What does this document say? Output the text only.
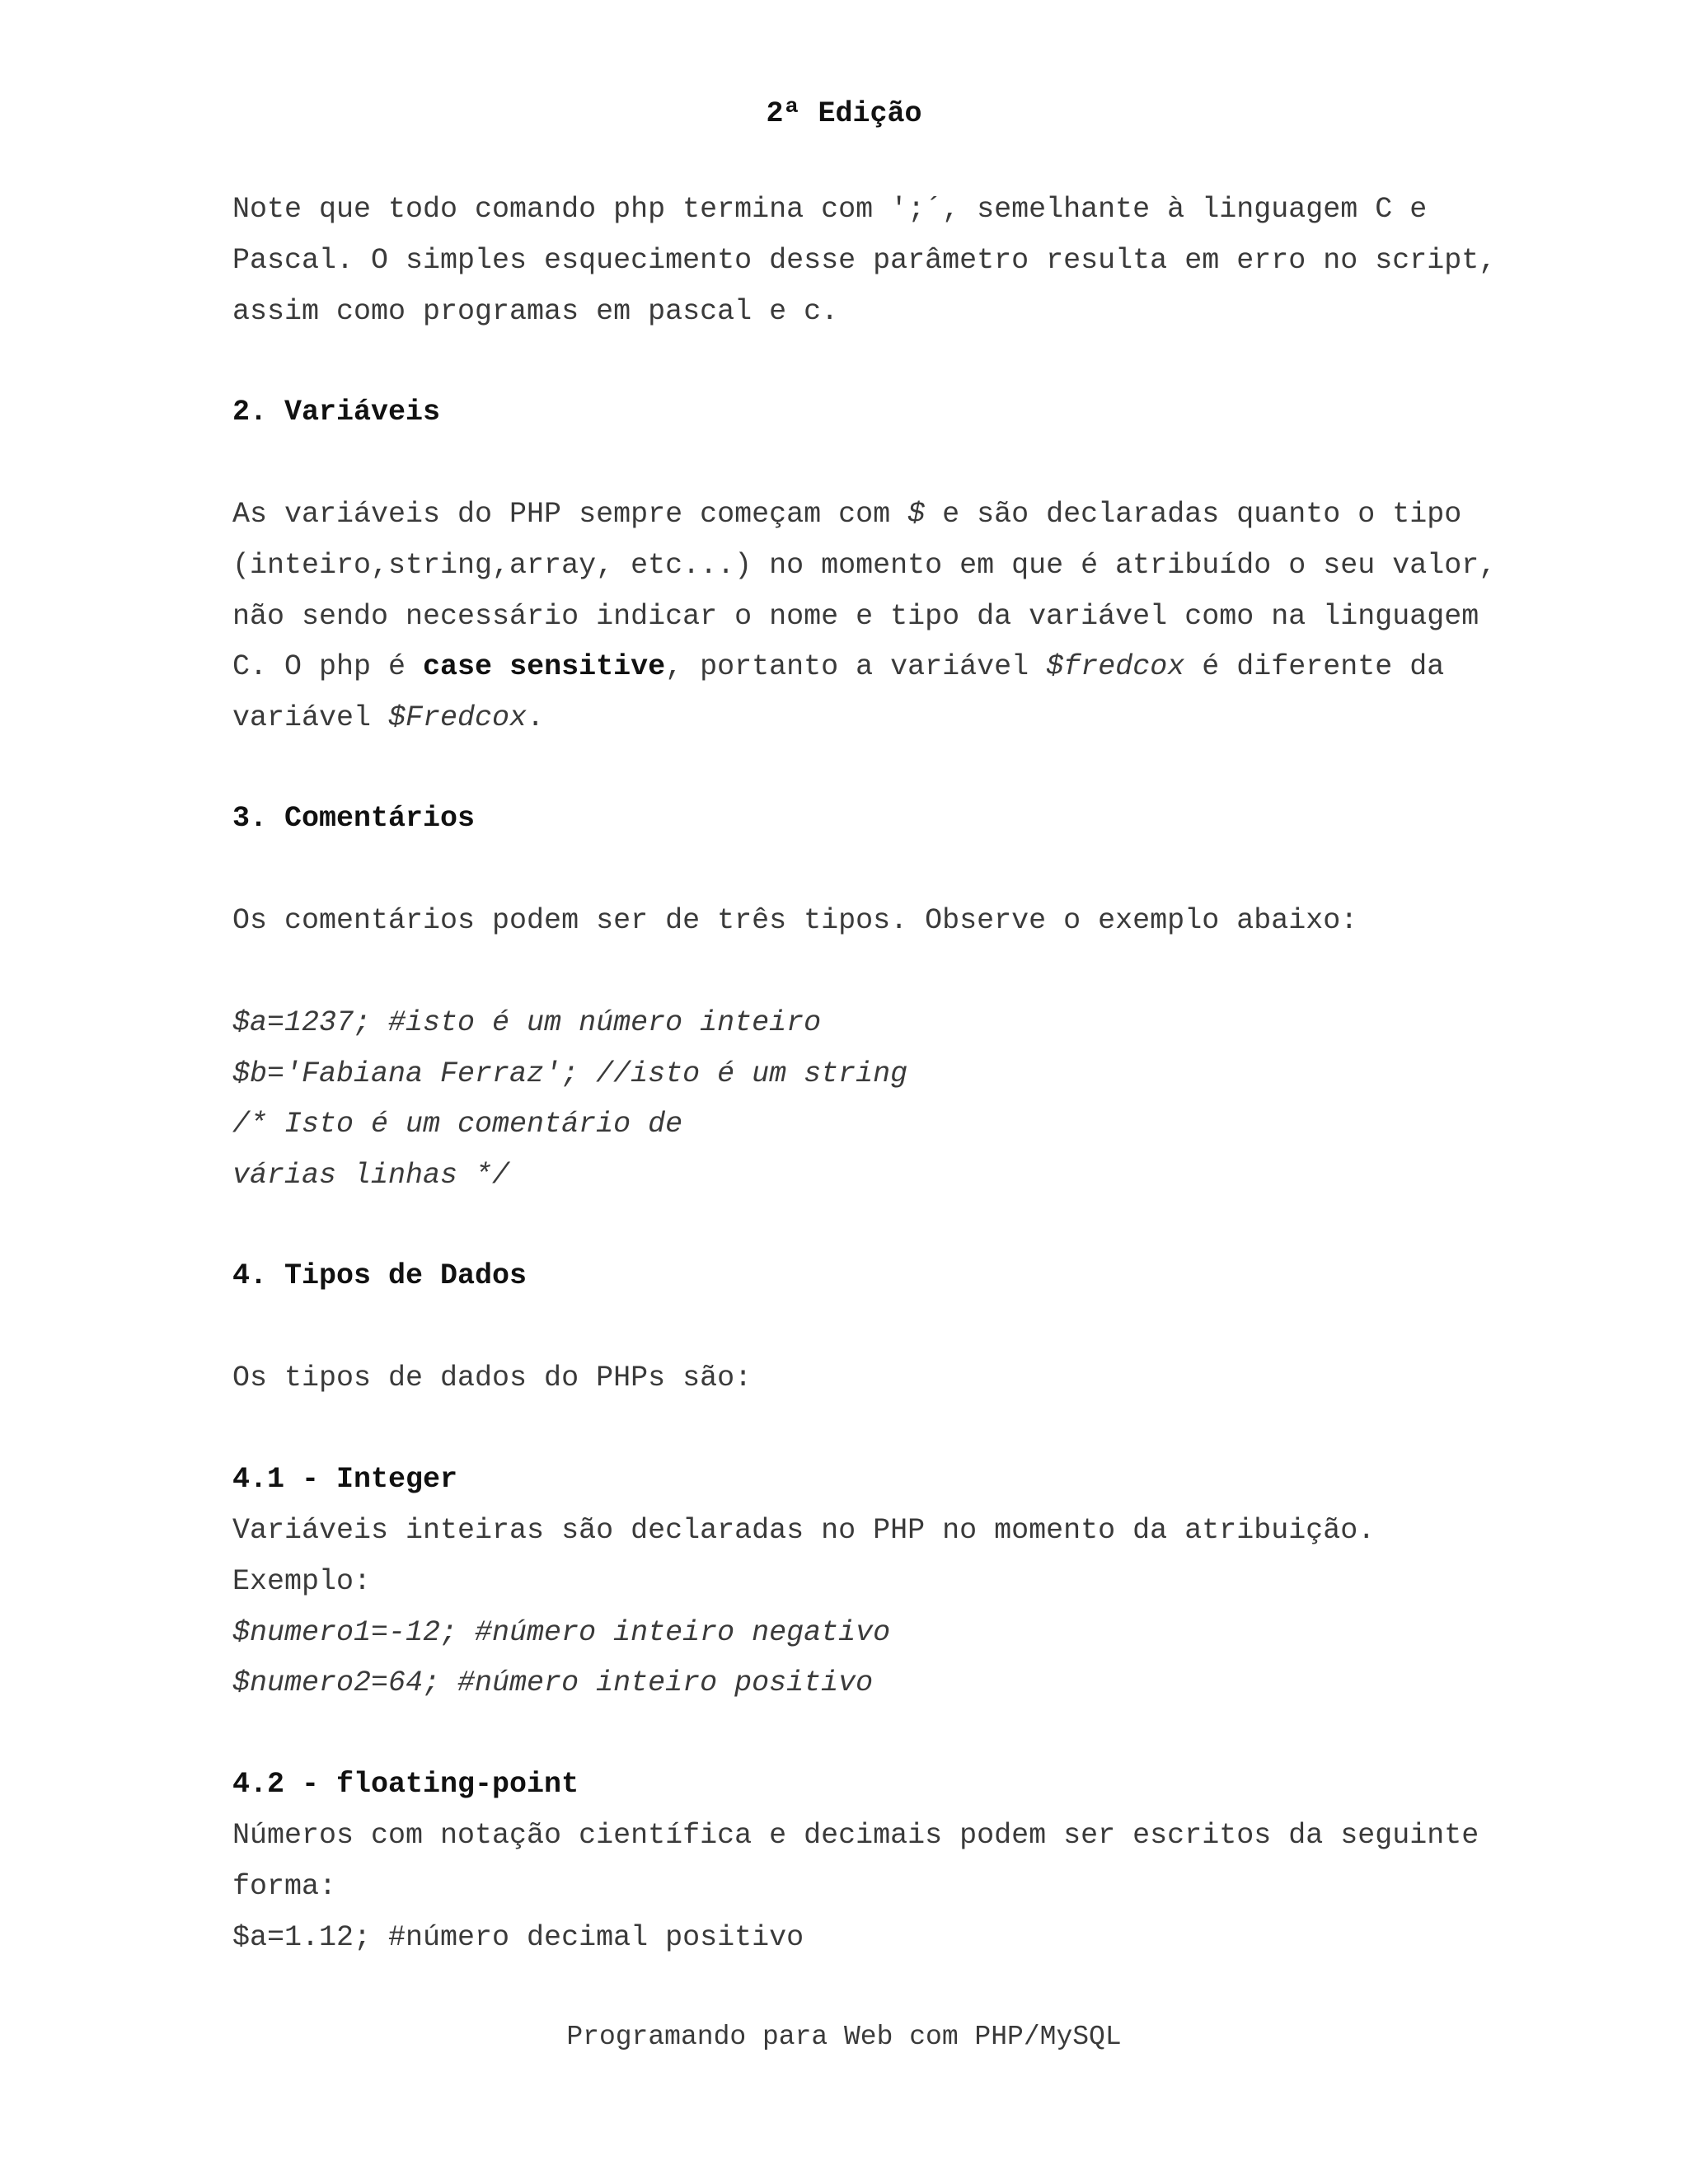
2ª Edição
Note que todo comando php termina com ';´, semelhante à linguagem C e
Pascal. O simples esquecimento desse parâmetro resulta em erro no script,
assim como programas em pascal e c.
2. Variáveis
As variáveis do PHP sempre começam com $ e são declaradas quanto o tipo
(inteiro,string,array, etc...) no momento em que é atribuído o seu valor,
não sendo necessário indicar o nome e tipo da variável como na linguagem
C. O php é case sensitive, portanto a variável $fredcox é diferente da
variável $Fredcox.
3. Comentários
Os comentários podem ser de três tipos. Observe o exemplo abaixo:
$a=1237; #isto é um número inteiro
$b='Fabiana Ferraz'; //isto é um string
/* Isto é um comentário de
várias linhas */
4. Tipos de Dados
Os tipos de dados do PHPs são:
4.1 - Integer
Variáveis inteiras são declaradas no PHP no momento da atribuição.
Exemplo:
$numero1=-12; #número inteiro negativo
$numero2=64; #número inteiro positivo
4.2 - floating-point
Números com notação científica e decimais podem ser escritos da seguinte
forma:
$a=1.12; #número decimal positivo
Programando para Web com PHP/MySQL
